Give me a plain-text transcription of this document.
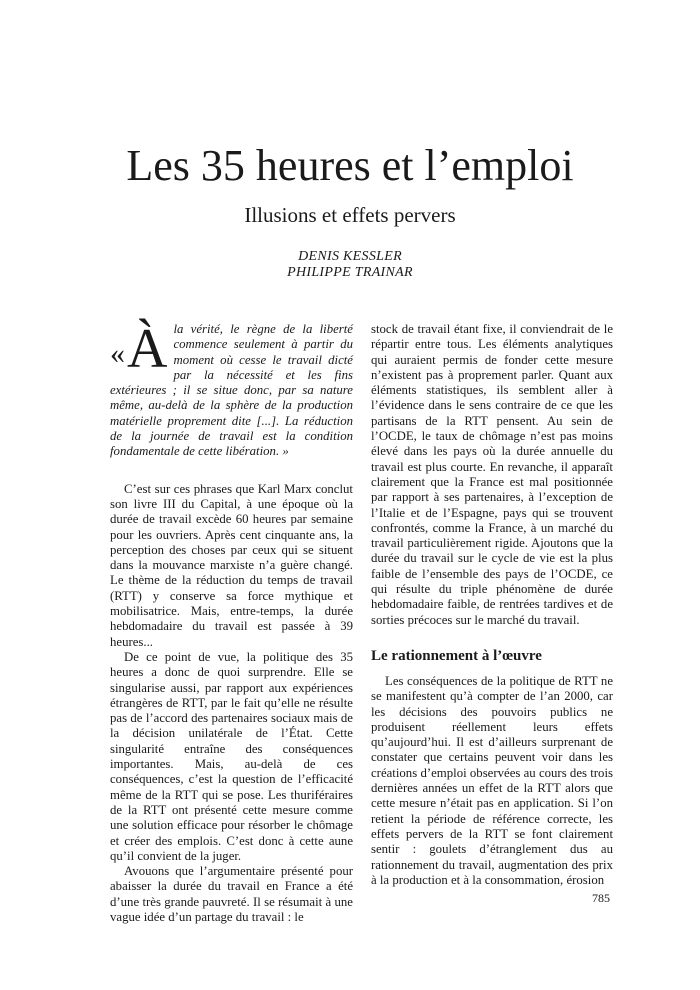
Les 35 heures et l’emploi
Illusions et effets pervers
DENIS KESSLER
PHILIPPE TRAINAR
«À la vérité, le règne de la liberté commence seulement à partir du moment où cesse le travail dicté par la nécessité et les fins extérieures ; il se situe donc, par sa nature même, au-delà de la sphère de la production matérielle proprement dite [...]. La réduction de la journée de travail est la condition fondamentale de cette libération. »

C’est sur ces phrases que Karl Marx conclut son livre III du Capital, à une époque où la durée de travail excède 60 heures par semaine pour les ouvriers. Après cent cinquante ans, la perception des choses par ceux qui se situent dans la mouvance marxiste n’a guère changé. Le thème de la réduction du temps de travail (RTT) y conserve sa force mythique et mobilisatrice. Mais, entre-temps, la durée hebdomadaire du travail est passée à 39 heures...

De ce point de vue, la politique des 35 heures a donc de quoi surprendre. Elle se singularise aussi, par rapport aux expériences étrangères de RTT, par le fait qu’elle ne résulte pas de l’accord des partenaires sociaux mais de la décision unilatérale de l’État. Cette singularité entraîne des conséquences importantes. Mais, au-delà de ces conséquences, c’est la question de l’efficacité même de la RTT qui se pose. Les thuriféraires de la RTT ont présenté cette mesure comme une solution efficace pour résorber le chômage et créer des emplois. C’est donc à cette aune qu’il convient de la juger.

Avouons que l’argumentaire présenté pour abaisser la durée du travail en France a été d’une très grande pauvreté. Il se résumait à une vague idée d’un partage du travail : le

stock de travail étant fixe, il conviendrait de le répartir entre tous. Les éléments analytiques qui auraient permis de fonder cette mesure n’existent pas à proprement parler. Quant aux éléments statistiques, ils semblent aller à l’évidence dans le sens contraire de ce que les partisans de la RTT pensent. Au sein de l’OCDE, le taux de chômage n’est pas moins élevé dans les pays où la durée annuelle du travail est plus courte. En revanche, il apparaît clairement que la France est mal positionnée par rapport à ses partenaires, à l’exception de l’Italie et de l’Espagne, pays qui se trouvent confrontés, comme la France, à un marché du travail particulièrement rigide. Ajoutons que la durée du travail sur le cycle de vie est la plus faible de l’ensemble des pays de l’OCDE, ce qui résulte du triple phénomène de durée hebdomadaire faible, de rentrées tardives et de sorties précoces sur le marché du travail.

Le rationnement à l’œuvre

Les conséquences de la politique de RTT ne se manifestent qu’à compter de l’an 2000, car les décisions des pouvoirs publics ne produisent réellement leurs effets qu’aujourd’hui. Il est d’ailleurs surprenant de constater que certains peuvent voir dans les créations d’emploi observées au cours des trois dernières années un effet de la RTT alors que cette mesure n’était pas en application. Si l’on retient la période de référence correcte, les effets pervers de la RTT se font clairement sentir : goulets d’étranglement dus au rationnement du travail, augmentation des prix à la production et à la consommation, érosion

785
